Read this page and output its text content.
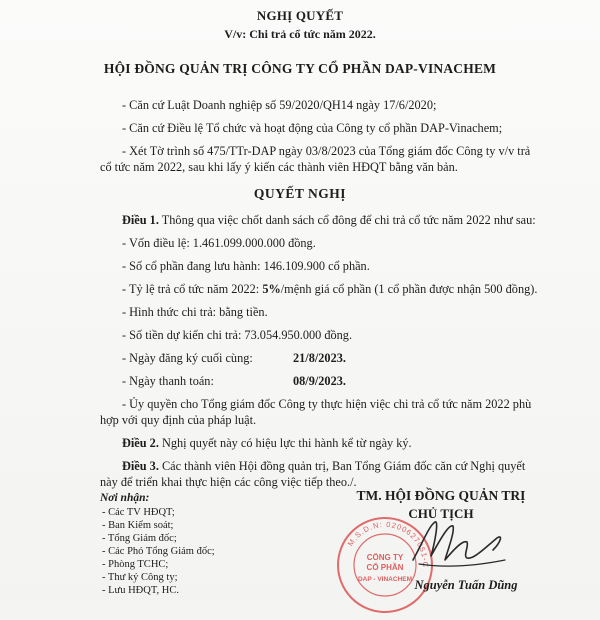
NGHỊ QUYẾT
V/v: Chi trả cổ tức năm 2022.
HỘI ĐỒNG QUẢN TRỊ CÔNG TY CỔ PHẦN DAP-VINACHEM
- Căn cứ Luật Doanh nghiệp số 59/2020/QH14 ngày 17/6/2020;
- Căn cứ Điều lệ Tổ chức và hoạt động của Công ty cổ phần DAP-Vinachem;
- Xét Tờ trình số 475/TTr-DAP ngày 03/8/2023 của Tổng giám đốc Công ty v/v trả
cổ tức năm 2022, sau khi lấy ý kiến các thành viên HĐQT bằng văn bản.
QUYẾT NGHỊ
Điều 1. Thông qua việc chốt danh sách cổ đông để chi trả cổ tức năm 2022 như sau:
- Vốn điều lệ: 1.461.099.000.000 đồng.
- Số cổ phần đang lưu hành: 146.109.900 cổ phần.
- Tỷ lệ trả cổ tức năm 2022: 5%/mệnh giá cổ phần (1 cổ phần được nhận 500 đồng).
- Hình thức chi trả: bằng tiền.
- Số tiền dự kiến chi trả: 73.054.950.000 đồng.
- Ngày đăng ký cuối cùng:	21/8/2023.
- Ngày thanh toán:	08/9/2023.
- Ủy quyền cho Tổng giám đốc Công ty thực hiện việc chi trả cổ tức năm 2022 phù
hợp với quy định của pháp luật.
Điều 2. Nghị quyết này có hiệu lực thi hành kể từ ngày ký.
Điều 3. Các thành viên Hội đồng quản trị, Ban Tổng Giám đốc căn cứ Nghị quyết
này để triển khai thực hiện các công việc tiếp theo./.
Nơi nhận:
- Các TV HĐQT;
- Ban Kiểm soát;
- Tổng Giám đốc;
- Các Phó Tổng Giám đốc;
- Phòng TCHC;
- Thư ký Công ty;
- Lưu HĐQT, HC.
TM. HỘI ĐỒNG QUẢN TRỊ
CHỦ TỊCH
M.S.D.N: 0200627051-C
CÔNG TY
CỔ PHẦN
DAP - VINACHEM Nguyễn Tuấn Dũng
